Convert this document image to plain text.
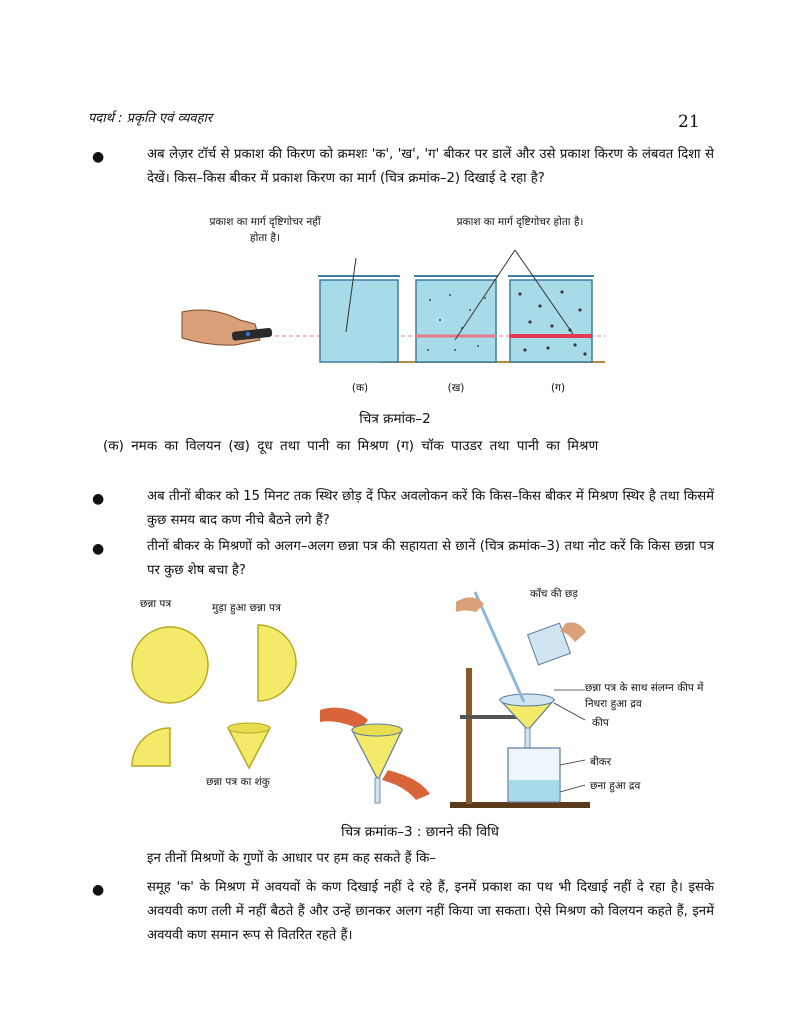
पदार्थ : प्रकृति एवं व्यवहार	21
●	अब लेज़र टॉर्च से प्रकाश की किरण को क्रमशः 'क', 'ख', 'ग' बीकर पर डालें और उसे प्रकाश किरण के लंबवत दिशा से देखें। किस–किस बीकर में प्रकाश किरण का मार्ग (चित्र क्रमांक–2) दिखाई दे रहा है?
प्रकाश का मार्ग दृष्टिगोचर नहीं होता है।
प्रकाश का मार्ग दृष्टिगोचर होता है।
(क)	(ख)	(ग)
चित्र क्रमांक–2
(क) नमक का विलयन (ख) दूध तथा पानी का मिश्रण (ग) चॉक पाउडर तथा पानी का मिश्रण
●	अब तीनों बीकर को 15 मिनट तक स्थिर छोड़ दें फिर अवलोकन करें कि किस–किस बीकर में मिश्रण स्थिर है तथा किसमें कुछ समय बाद कण नीचे बैठने लगे हैं?
●	तीनों बीकर के मिश्रणों को अलग–अलग छन्ना पत्र की सहायता से छानें (चित्र क्रमांक–3) तथा नोट करें कि किस छन्ना पत्र पर कुछ शेष बचा है?
छन्ना पत्र	मुड़ा हुआ छन्ना पत्र
छन्ना पत्र का शंकु
काँच की छड़
छन्ना पत्र के साथ संलग्न कीप में निथरा हुआ द्रव
कीप
बीकर
छना हुआ द्रव
चित्र क्रमांक–3 : छानने की विधि
इन तीनों मिश्रणों के गुणों के आधार पर हम कह सकते हैं कि–
●	समूह 'क' के मिश्रण में अवयवों के कण दिखाई नहीं दे रहे हैं, इनमें प्रकाश का पथ भी दिखाई नहीं दे रहा है। इसके अवयवी कण तली में नहीं बैठते हैं और उन्हें छानकर अलग नहीं किया जा सकता। ऐसे मिश्रण को विलयन कहते हैं, इनमें अवयवी कण समान रूप से वितरित रहते हैं।
